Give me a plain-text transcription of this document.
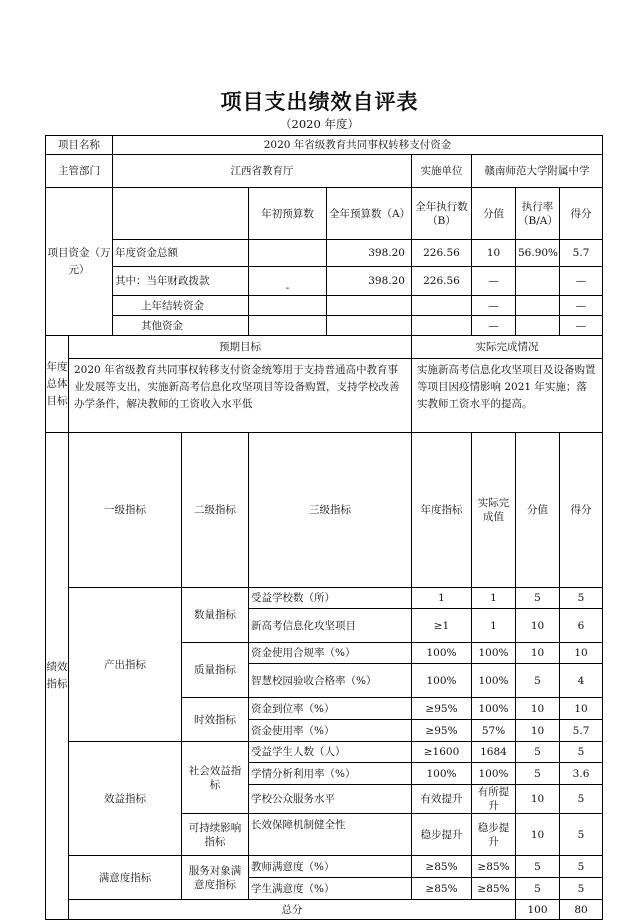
项目支出绩效自评表
（2020 年度）
项目名称		2020 年省级教育共同事权转移支付资金								
主管部门		江西省教育厅				实施单位	赣南师范大学附属中学			
项目资金（万元）				年初预算数	全年预算数（A）	全年执行数（B）	分值	执行率（B/A）	得分	
		年度资金总额			398.20	226.56	10	56.90%	5.7	
		其中：当年财政拨款		-	398.20	226.56	—		—	
		上年结转资金					—		—	
		其他资金					—		—	
年度总体目标	预期目标					实际完成情况				
	2020 年省级教育共同事权转移支付资金统筹用于支持普通高中教育事业发展等支出，实施新高考信息化攻坚项目等设备购置，支持学校改善办学条件，解决教师的工资收入水平低					实施新高考信息化攻坚项目及设备购置等项目因疫情影响 2021 年实施；落实教师工资水平的提高。				
绩效指标	一级指标		二级指标	三级指标		年度指标	实际完成值	分值	得分	
	产出指标		数量指标	受益学校数（所）		1	1	5	5	
				新高考信息化攻坚项目		≥1	1	10	6	
			质量指标	资金使用合规率（%）		100%	100%	10	10	
				智慧校园验收合格率（%）		100%	100%	5	4	
			时效指标	资金到位率（%）		≥95%	100%	10	10	
				资金使用率（%）		≥95%	57%	10	5.7	
	效益指标		社会效益指标	受益学生人数（人）		≥1600	1684	5	5	
				学情分析利用率（%）		100%	100%	5	3.6	
				学校公众服务水平		有效提升	有所提升	10	5	
			可持续影响指标	长效保障机制健全性		稳步提升	稳步提升	10	5	
	满意度指标		服务对象满意度指标	教师满意度（%）		≥85%	≥85%	5	5	
				学生满意度（%）		≥85%	≥85%	5	5	
	总分							100	80	
